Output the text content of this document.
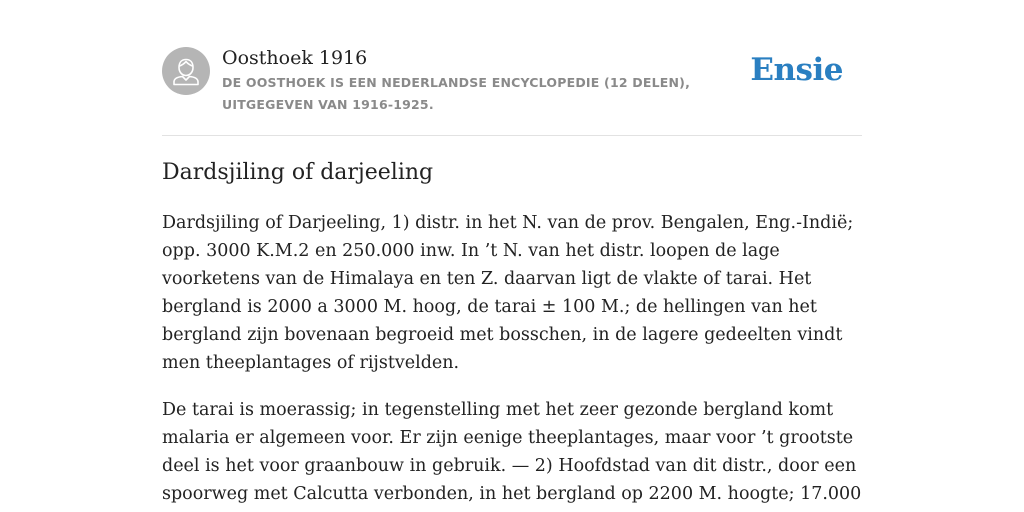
Oosthoek 1916

DE OOSTHOEK IS EEN NEDERLANDSE ENCYCLOPEDIE (12 DELEN), UITGEGEVEN VAN 1916-1925.

Ensie
Dardsjiling of darjeeling

Dardsjiling of Darjeeling, 1) distr. in het N. van de prov. Bengalen, Eng.-Indië; opp. 3000 K.M.2 en 250.000 inw. In ’t N. van het distr. loopen de lage voorketens van de Himalaya en ten Z. daarvan ligt de vlakte of tarai. Het bergland is 2000 a 3000 M. hoog, de tarai ± 100 M.; de hellingen van het bergland zijn bovenaan begroeid met bosschen, in de lagere gedeelten vindt men theeplantages of rijstvelden.

De tarai is moerassig; in tegenstelling met het zeer gezonde bergland komt malaria er algemeen voor. Er zijn eenige theeplantages, maar voor ’t grootste deel is het voor graanbouw in gebruik. — 2) Hoofdstad van dit distr., door een spoorweg met Calcutta verbonden, in het bergland op 2200 M. hoogte; 17.000
